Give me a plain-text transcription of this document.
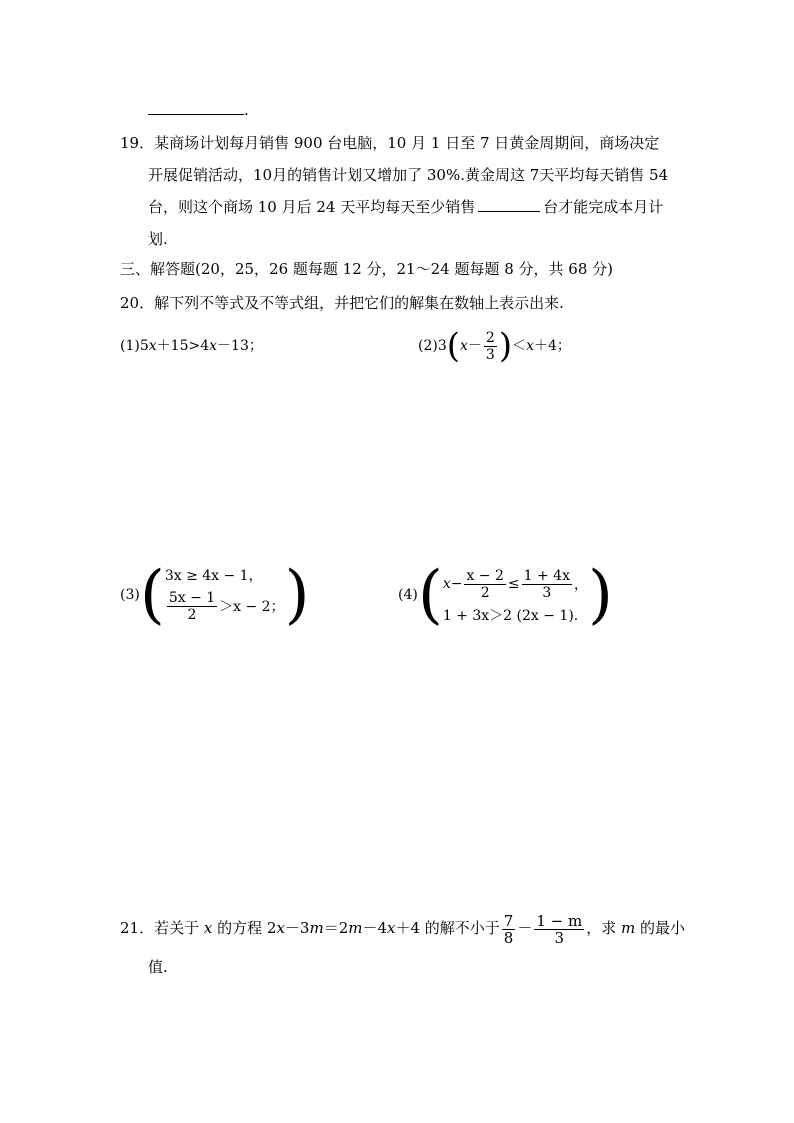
.
19．某商场计划每月销售 900 台电脑，10 月 1 日至 7 日黄金周期间，商场决定
开展促销活动，10月的销售计划又增加了 30%.黄金周这 7天平均每天销售 54
台，则这个商场 10 月后 24 天平均每天至少销售	台才能完成本月计
划.
三、解答题(20，25，26 题每题 12 分，21～24 题每题 8 分，共 68 分)
20．解下列不等式及不等式组，并把它们的解集在数轴上表示出来.
(1)5x＋15>4x－13；	$(2)3(x- \frac{2}{3} )<x+4$；
(3) ( 3x ≥ 4x − 1，
$\frac{5x - 1}{2} >x - 2$； )	(4) ( $x - \frac{x - 2}{2} \le \frac{1 + 4x}{3}$ ，
1 + 3x＞2 (2x − 1). )
21．若关于 x 的方程 2x－3m＝2m－4x＋4 的解不小于 $\frac{7}{8} - \frac{1 - m}{3}$ ，求 m 的最小
值.
